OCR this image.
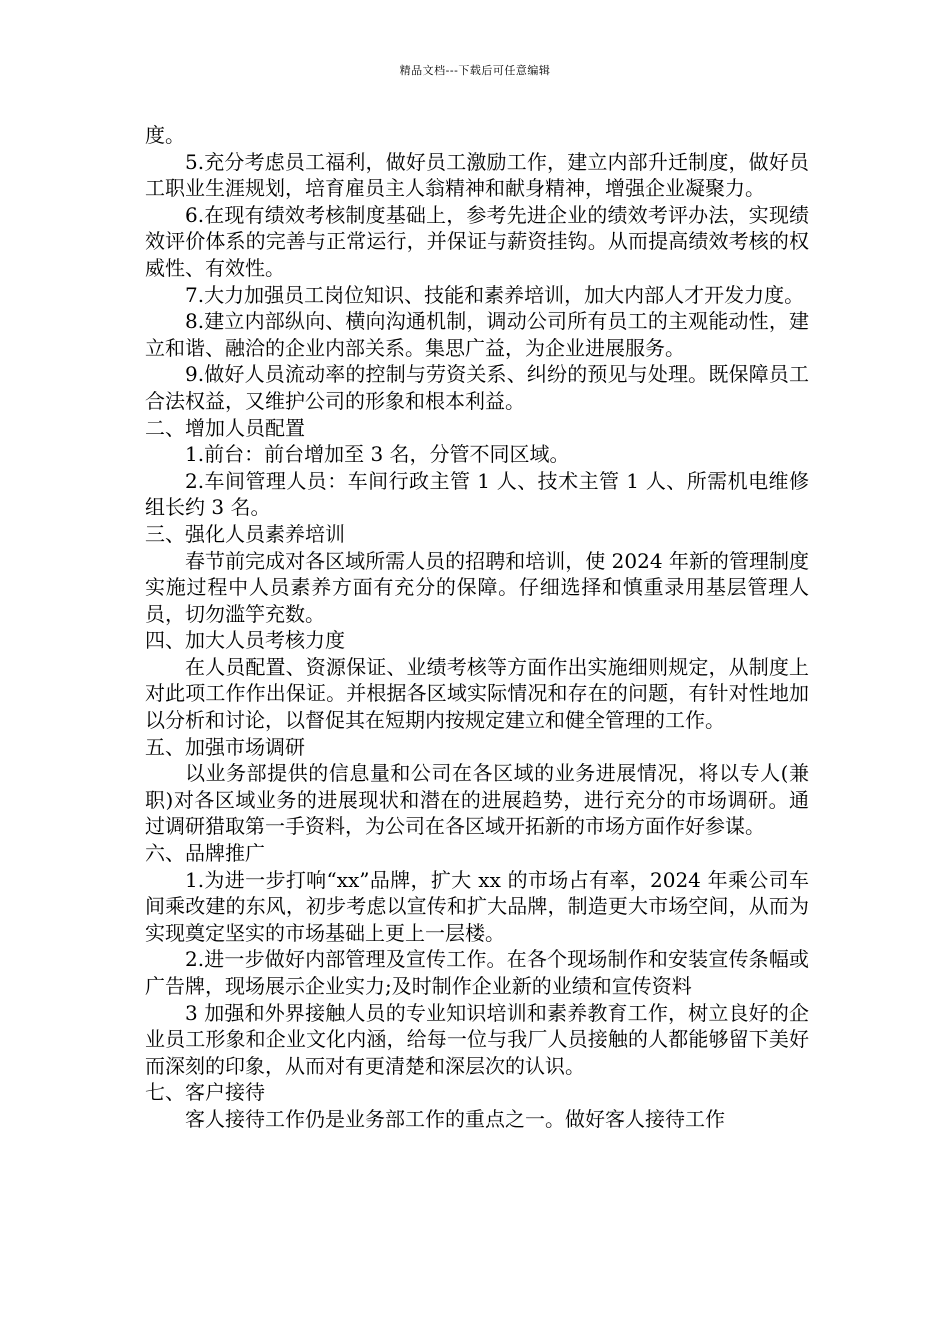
精品文档---下载后可任意编辑

度。

5.充分考虑员工福利，做好员工激励工作，建立内部升迁制度，做好员工职业生涯规划，培育雇员主人翁精神和献身精神，增强企业凝聚力。

6.在现有绩效考核制度基础上，参考先进企业的绩效考评办法，实现绩效评价体系的完善与正常运行，并保证与薪资挂钩。从而提高绩效考核的权威性、有效性。

7.大力加强员工岗位知识、技能和素养培训，加大内部人才开发力度。

8.建立内部纵向、横向沟通机制，调动公司所有员工的主观能动性，建立和谐、融洽的企业内部关系。集思广益，为企业进展服务。

9.做好人员流动率的控制与劳资关系、纠纷的预见与处理。既保障员工合法权益，又维护公司的形象和根本利益。

二、增加人员配置

1.前台：前台增加至 3 名，分管不同区域。

2.车间管理人员：车间行政主管 1 人、技术主管 1 人、所需机电维修组长约 3 名。

三、强化人员素养培训

春节前完成对各区域所需人员的招聘和培训，使 2024 年新的管理制度实施过程中人员素养方面有充分的保障。仔细选择和慎重录用基层管理人员，切勿滥竽充数。

四、加大人员考核力度

在人员配置、资源保证、业绩考核等方面作出实施细则规定，从制度上对此项工作作出保证。并根据各区域实际情况和存在的问题，有针对性地加以分析和讨论，以督促其在短期内按规定建立和健全管理的工作。

五、加强市场调研

以业务部提供的信息量和公司在各区域的业务进展情况，将以专人(兼职)对各区域业务的进展现状和潜在的进展趋势，进行充分的市场调研。通过调研猎取第一手资料，为公司在各区域开拓新的市场方面作好参谋。

六、品牌推广

1.为进一步打响“xx”品牌，扩大 xx 的市场占有率，2024 年乘公司车间乘改建的东风，初步考虑以宣传和扩大品牌，制造更大市场空间，从而为实现奠定坚实的市场基础上更上一层楼。

2.进一步做好内部管理及宣传工作。在各个现场制作和安装宣传条幅或广告牌，现场展示企业实力;及时制作企业新的业绩和宣传资料

3 加强和外界接触人员的专业知识培训和素养教育工作，树立良好的企业员工形象和企业文化内涵，给每一位与我厂人员接触的人都能够留下美好而深刻的印象，从而对有更清楚和深层次的认识。

七、客户接待

客人接待工作仍是业务部工作的重点之一。做好客人接待工作
